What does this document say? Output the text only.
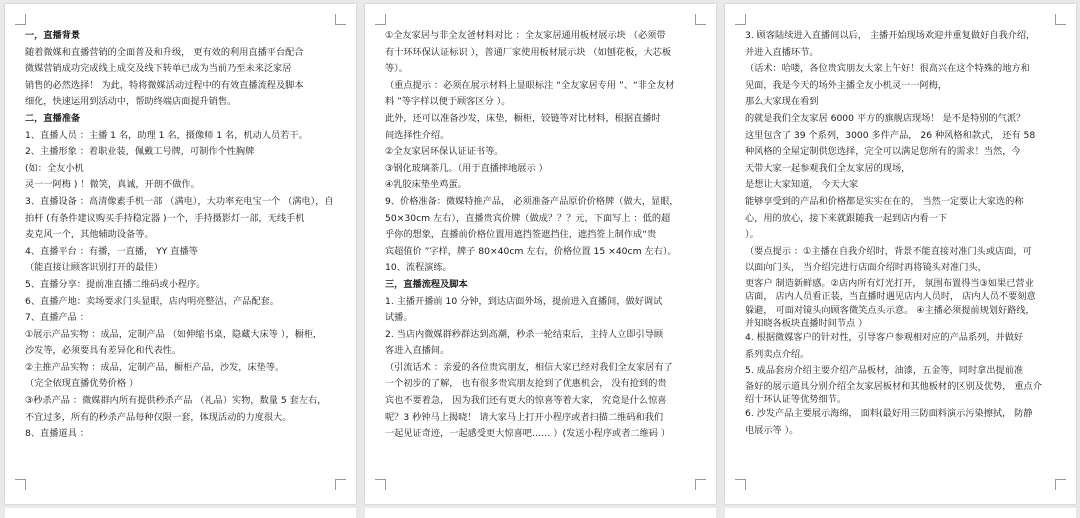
一，直播背景
随着微媒和直播营销的全面普及和升级， 更有效的利用直播平台配合
微媒营销成功完成线上成交及线下转单已成为当前乃至未来泛家居
销售的必然选择！ 为此，特将微媒活动过程中的有效直播流程及脚本
细化，快速运用到活动中，帮助终端店面提升销售。
二，直播准备
1、直播人员 ：主播 1 名，助理 1 名，摄像师 1 名，机动人员若干。
2、主播形象 ：着职业装，佩戴工号牌，可制作个性胸牌
(如：全友小机
灵一一阿梅 ) ！微笑，真诚，开朗不做作。
3、直播设备 ：高清像素手机一部 （满电），大功率充电宝一个 （满电），自
拍杆 (有条件建议购买手持稳定器 )一个，手持摄影灯一部，无线手机
麦克风一个，其他辅助设备等。
4、直播平台 ：有播，一直播， YY 直播等
（能直接让顾客识别打开的最佳）
5、直播分享：提前准直播二维码或小程序。
6、直播产地：卖场要求门头显眼，店内明亮整洁，产品配套。
7、直播产品 ：
①展示产品实物 ：成品，定制产品 （如伸缩书桌，隐藏大床等 ），橱柜，
沙发等，必须要具有差异化和代表性。
②主推产品实物 ：成品，定制产品，橱柜产品，沙发，床垫等。
（完全依现直播优势价格 ）
③秒杀产品 ：微媒群内所有提供秒杀产品 （礼品）实物，数量 5 套左右，
不宜过多，所有的秒杀产品每种仅限一套，体现活动的力度很大。
8、直播道具 ：
①全友家居与非全友爸材料对比 ：全友家居通用板材展示块 （必须带
有十环环保认证标识 ），普通厂家使用板材展示块 （如刨花板，大芯板
等）。
（重点提示 ：必须在展示材料上显眼标注 “全友家居专用 ”、“非全友材
料 ”等字样以便于顾客区分 ）。
此外，还可以准备沙发，床垫，橱柜，铰链等对比材料，根据直播时
间选择性介绍。
②全友家居环保认证证书等。
③钢化玻璃茶几。（用于直播摔地展示 ）
④乳胶床垫坐鸡蛋。
9、价格准备：微媒特推产品， 必须准备产品原价价格牌（做大，显眼，
50×30cm 左右），直播贵宾价牌（做成？？？元，下面写上 ：低的超
乎你的想象，直播前价格位置用遮挡签遮挡住，遮挡签上制作成“贵
宾超值价 ”字样，牌子 80×40cm 左右，价格位置 15 ×40cm 左右）。
10、流程演练。
三，直播流程及脚本
1. 主播开播前 10 分钟，到达店面外场，提前进入直播间，做好调试
试播。
2. 当店内微媒群秒群达到高潮，秒杀一轮结束后，主持人立即引导顾
客进入直播间。
（引流话术 ：亲爱的各位贵宾朋友，相信大家已经对我们全友家居有了
一个初步的了解， 也有很多贵宾朋友抢到了优惠机会， 没有抢到的贵
宾也不要着急， 因为我们还有更大的惊喜等着大家， 究竟是什么惊喜
呢？3 秒钟马上揭晓！ 请大家马上打开小程序或者扫描二维码和我们
一起见证奇迹，一起感受更大惊喜吧…… ）(发送小程序或者二维码 ）
3. 顾客陆续进入直播间以后， 主播开始现场欢迎并重复做好自我介绍，
并进入直播环节。
（话术：哈喽，各位贵宾朋友大家上午好！很高兴在这个特殊的地方和
见面，我是今天的场外主播全友小机灵一一阿梅，
那么大家现在看到
的就是我们全友家居 6000 平方的旗舰店现场！ 是不是特别的气派？
这里包含了 39 个系列，3000 多件产品， 26 种风格和款式， 还有 58
种风格的全屋定制供您选择，完全可以满足您所有的需求！当然，今
天带大家一起参观我们全友家居的现场，
是想让大家知道， 今天大家
能够享受到的产品和价格都是实实在在的， 当然一定要让大家选的称
心，用的放心，接下来就跟随我一起到店内看一下
）。
（要点提示 ：①主播在自我介绍时，背景不能直接对准门头或店面，可
以面向门头， 当介绍完进行店面介绍时再将镜头对准门头，
更客户 制造新鲜感。②店内所有灯光打开， 氛围布置得当③如果已营业
店面， 店内人员看正装，当直播时遇见店内人员时， 店内人员不要刻意
躲避， 可面对镜头向顾客微笑点头示意。 ④主播必须提前规划好路线，
并知晓各板块直播时间节点 ）
4. 根据微媒客户的针对性，引导客户参观相对应的产品系列，并做好
系列卖点介绍。
5. 成品套房介绍主要介绍产品板材，油漆，五金等，同时拿出提前准
备好的展示道具分别介绍全友家居板材和其他板材的区别及优势， 重点介
绍十环认证等优势细节。
6. 沙发产品主要展示海绵， 面料(最好用三防面料演示污染擦拭， 防静
电展示等 ）。
